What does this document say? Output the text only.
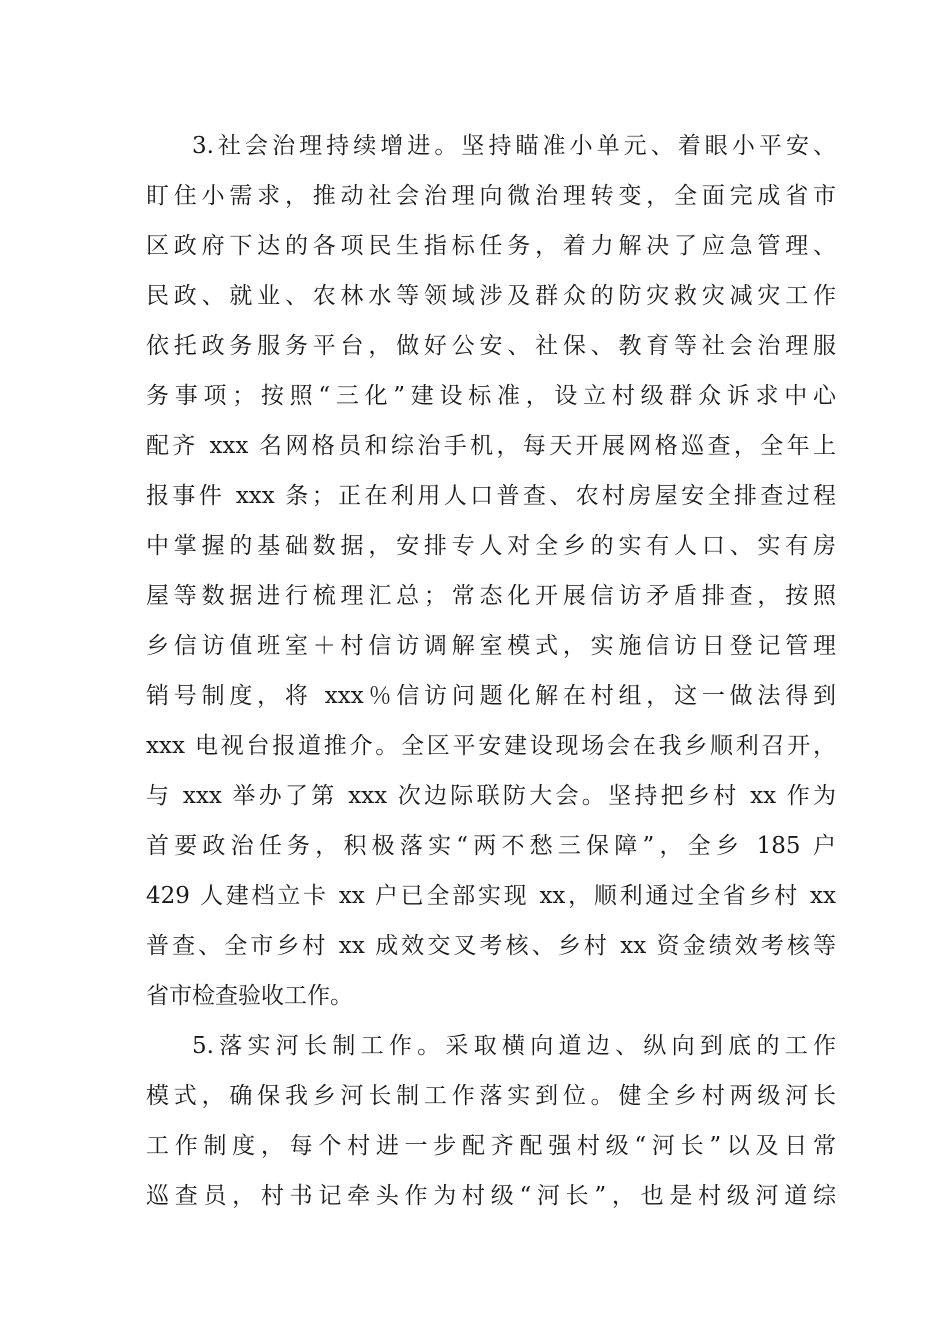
3.社会治理持续增进。坚持瞄准小单元、着眼小平安、
盯住小需求，推动社会治理向微治理转变，全面完成省市
区政府下达的各项民生指标任务，着力解决了应急管理、
民政、就业、农林水等领域涉及群众的防灾救灾减灾工作
依托政务服务平台，做好公安、社保、教育等社会治理服
务事项；按照“三化”建设标准，设立村级群众诉求中心
配齐 xxx 名网格员和综治手机，每天开展网格巡查，全年上
报事件 xxx 条；正在利用人口普查、农村房屋安全排查过程
中掌握的基础数据，安排专人对全乡的实有人口、实有房
屋等数据进行梳理汇总；常态化开展信访矛盾排查，按照
乡信访值班室＋村信访调解室模式，实施信访日登记管理
销号制度，将 xxx％信访问题化解在村组，这一做法得到
xxx 电视台报道推介。全区平安建设现场会在我乡顺利召开，
与 xxx 举办了第 xxx 次边际联防大会。坚持把乡村 xx 作为
首要政治任务，积极落实“两不愁三保障”，全乡 185 户
429 人建档立卡 xx 户已全部实现 xx，顺利通过全省乡村 xx
普查、全市乡村 xx 成效交叉考核、乡村 xx 资金绩效考核等
省市检查验收工作。
5.落实河长制工作。采取横向道边、纵向到底的工作
模式，确保我乡河长制工作落实到位。健全乡村两级河长
工作制度，每个村进一步配齐配强村级“河长”以及日常
巡查员，村书记牵头作为村级“河长”，也是村级河道综
